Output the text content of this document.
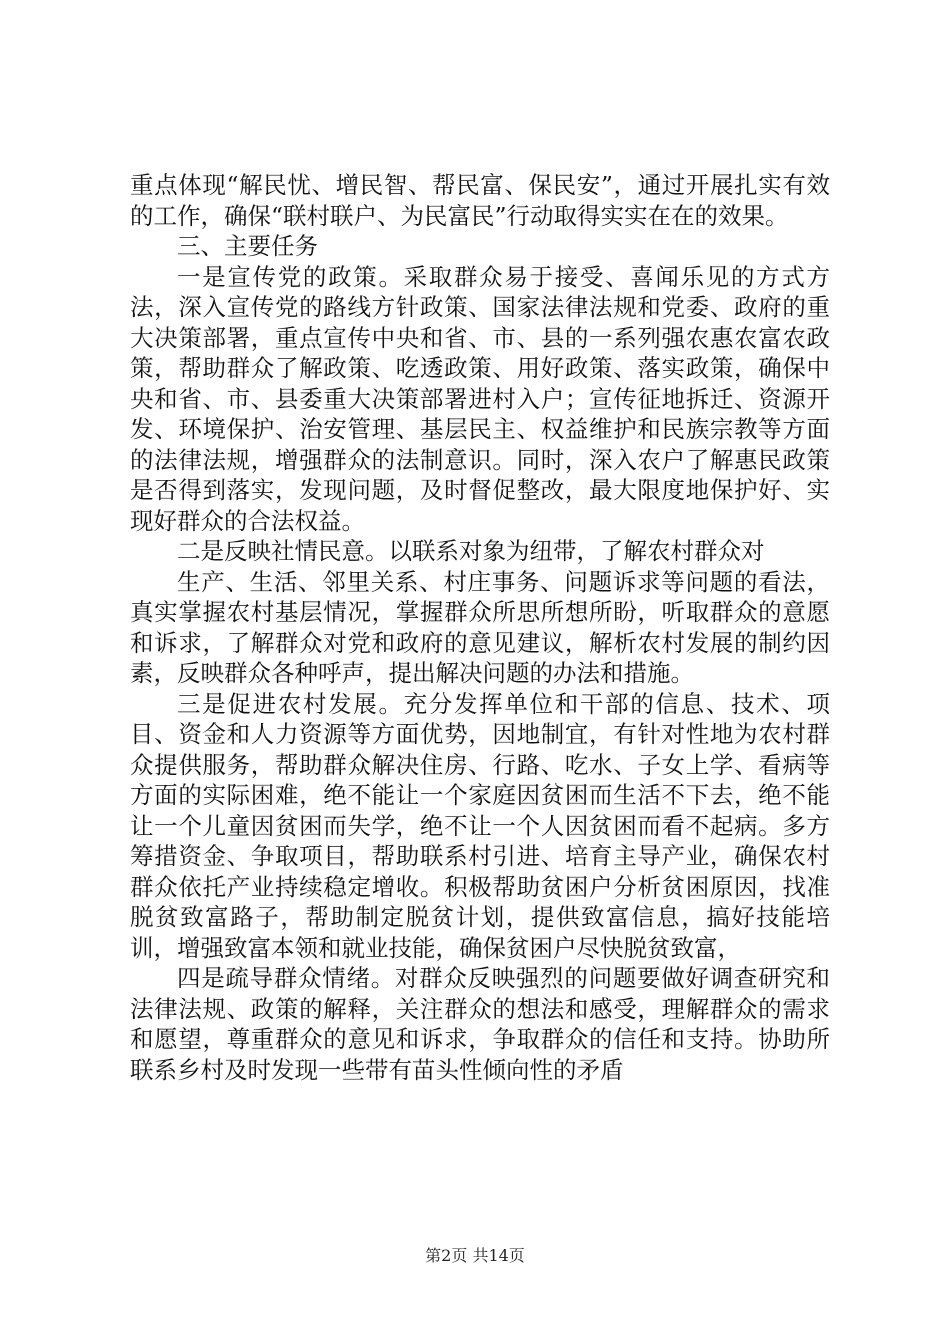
重点体现“解民忧、增民智、帮民富、保民安”，通过开展扎实有效的工作，确保“联村联户、为民富民”行动取得实实在在的效果。

三、主要任务

一是宣传党的政策。采取群众易于接受、喜闻乐见的方式方法，深入宣传党的路线方针政策、国家法律法规和党委、政府的重大决策部署，重点宣传中央和省、市、县的一系列强农惠农富农政策，帮助群众了解政策、吃透政策、用好政策、落实政策，确保中央和省、市、县委重大决策部署进村入户；宣传征地拆迁、资源开发、环境保护、治安管理、基层民主、权益维护和民族宗教等方面的法律法规，增强群众的法制意识。同时，深入农户了解惠民政策是否得到落实，发现问题，及时督促整改，最大限度地保护好、实现好群众的合法权益。

二是反映社情民意。以联系对象为纽带，了解农村群众对

生产、生活、邻里关系、村庄事务、问题诉求等问题的看法，真实掌握农村基层情况，掌握群众所思所想所盼，听取群众的意愿和诉求，了解群众对党和政府的意见建议，解析农村发展的制约因素，反映群众各种呼声，提出解决问题的办法和措施。

三是促进农村发展。充分发挥单位和干部的信息、技术、项目、资金和人力资源等方面优势，因地制宜，有针对性地为农村群众提供服务，帮助群众解决住房、行路、吃水、子女上学、看病等方面的实际困难，绝不能让一个家庭因贫困而生活不下去，绝不能让一个儿童因贫困而失学，绝不让一个人因贫困而看不起病。多方筹措资金、争取项目，帮助联系村引进、培育主导产业，确保农村群众依托产业持续稳定增收。积极帮助贫困户分析贫困原因，找准脱贫致富路子，帮助制定脱贫计划，提供致富信息，搞好技能培训，增强致富本领和就业技能，确保贫困户尽快脱贫致富，

四是疏导群众情绪。对群众反映强烈的问题要做好调查研究和法律法规、政策的解释，关注群众的想法和感受，理解群众的需求和愿望，尊重群众的意见和诉求，争取群众的信任和支持。协助所联系乡村及时发现一些带有苗头性倾向性的矛盾

第2页 共14页
